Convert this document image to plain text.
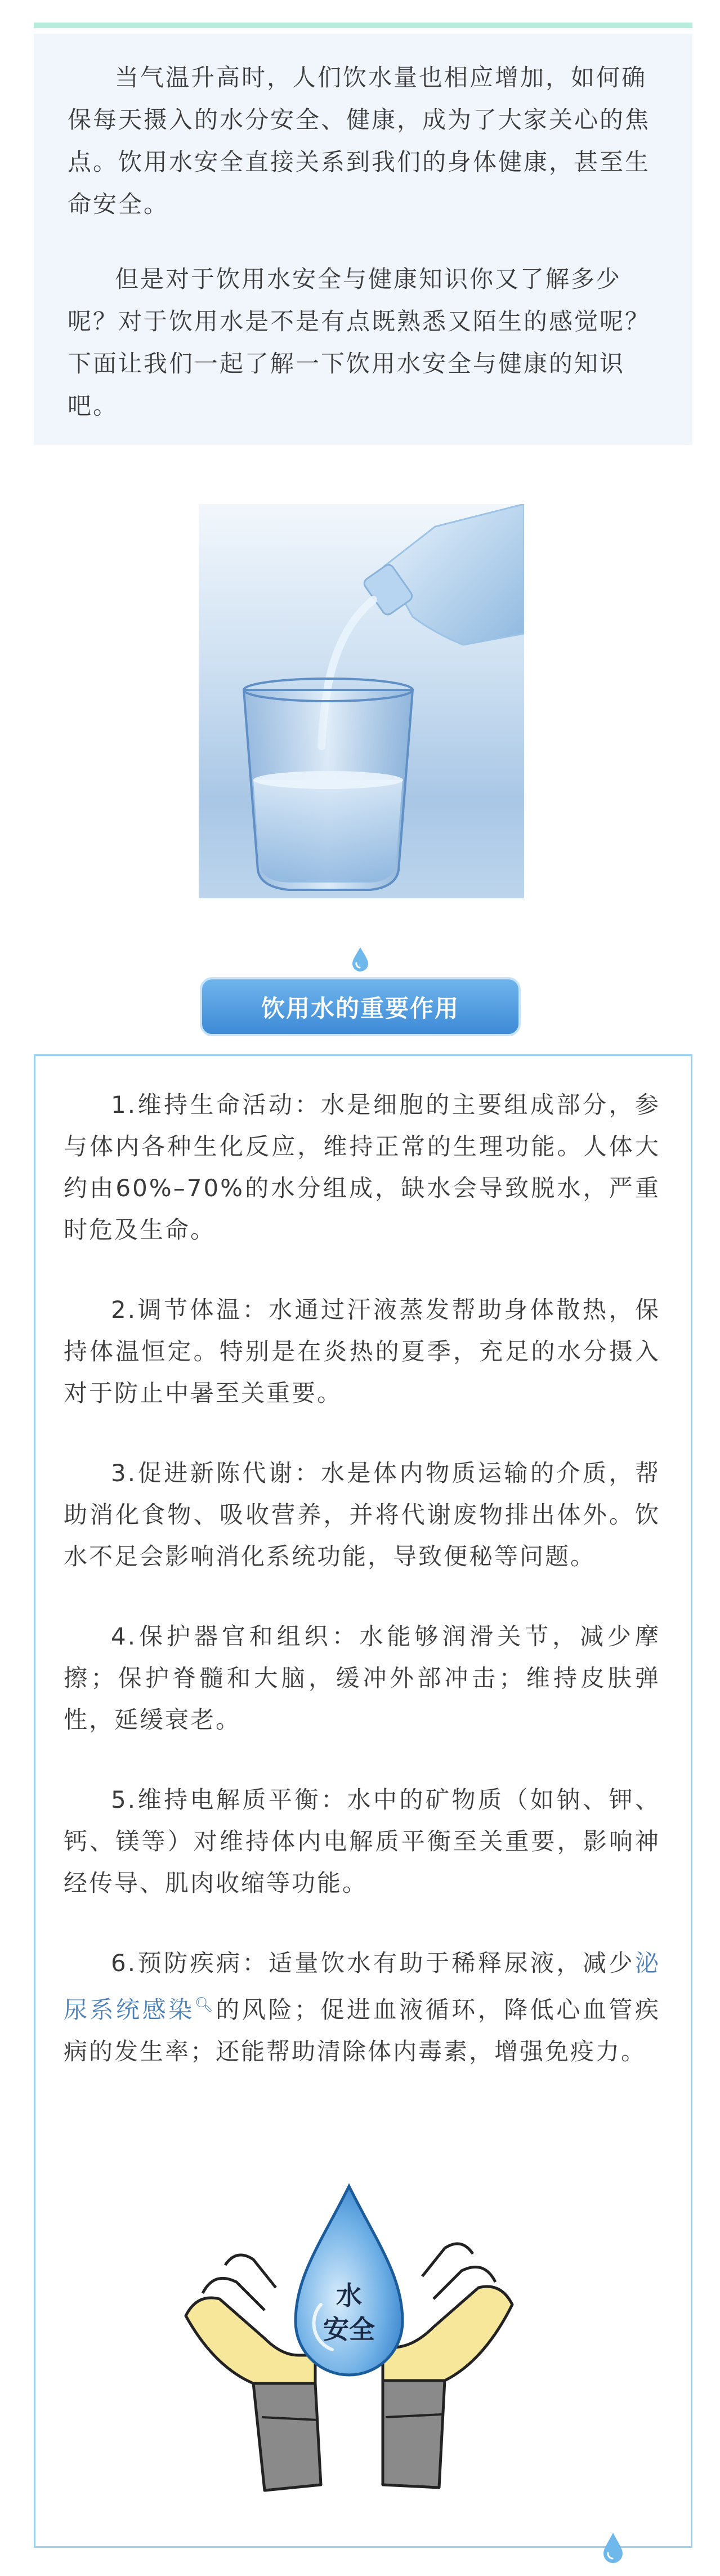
当气温升高时，人们饮水量也相应增加，如何确保每天摄入的水分安全、健康，成为了大家关心的焦点。饮用水安全直接关系到我们的身体健康，甚至生命安全。

但是对于饮用水安全与健康知识你又了解多少呢？对于饮用水是不是有点既熟悉又陌生的感觉呢？下面让我们一起了解一下饮用水安全与健康的知识吧。

饮用水的重要作用

1.维持生命活动：水是细胞的主要组成部分，参与体内各种生化反应，维持正常的生理功能。人体大约由60%–70%的水分组成，缺水会导致脱水，严重时危及生命。

2.调节体温：水通过汗液蒸发帮助身体散热，保持体温恒定。特别是在炎热的夏季，充足的水分摄入对于防止中暑至关重要。

3.促进新陈代谢：水是体内物质运输的介质，帮助消化食物、吸收营养，并将代谢废物排出体外。饮水不足会影响消化系统功能，导致便秘等问题。

4.保护器官和组织：水能够润滑关节，减少摩擦；保护脊髓和大脑，缓冲外部冲击；维持皮肤弹性，延缓衰老。

5.维持电解质平衡：水中的矿物质（如钠、钾、钙、镁等）对维持体内电解质平衡至关重要，影响神经传导、肌肉收缩等功能。

6.预防疾病：适量饮水有助于稀释尿液，减少泌尿系统感染🔍︎的风险；促进血液循环，降低心血管疾病的发生率；还能帮助清除体内毒素，增强免疫力。

水
安全
